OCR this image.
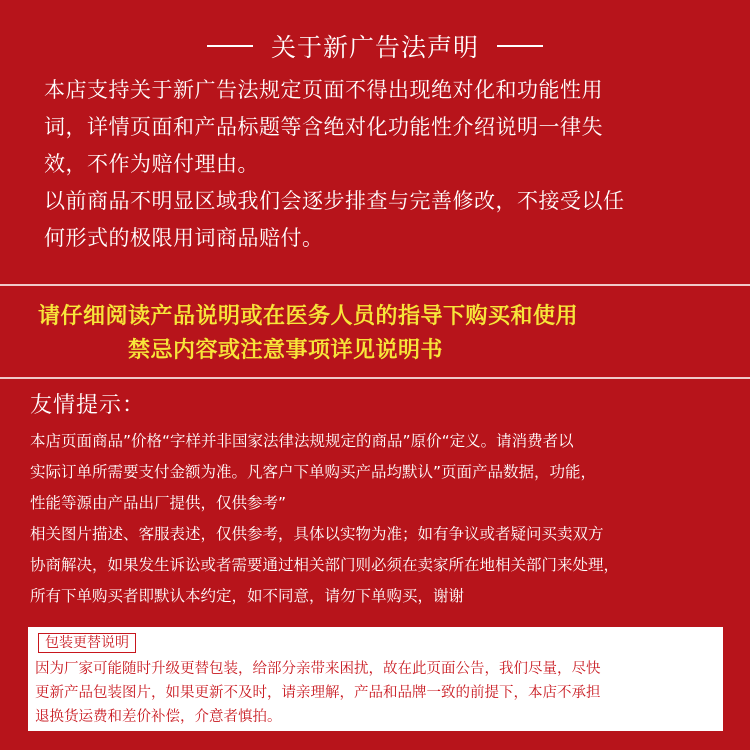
关于新广告法声明

本店支持关于新广告法规定页面不得出现绝对化和功能性用

词，详情页面和产品标题等含绝对化功能性介绍说明一律失

效，不作为赔付理由。

以前商品不明显区域我们会逐步排查与完善修改，不接受以任

何形式的极限用词商品赔付。

请仔细阅读产品说明或在医务人员的指导下购买和使用
禁忌内容或注意事项详见说明书
友情提示：

本店页面商品”价格“字样并非国家法律法规规定的商品”原价“定义。请消费者以

实际订单所需要支付金额为准。凡客户下单购买产品均默认”页面产品数据，功能，

性能等源由产品出厂提供，仅供参考”

相关图片描述、客服表述，仅供参考，具体以实物为准；如有争议或者疑问买卖双方

协商解决，如果发生诉讼或者需要通过相关部门则必须在卖家所在地相关部门来处理，

所有下单购买者即默认本约定，如不同意，请勿下单购买，谢谢

包装更替说明

因为厂家可能随时升级更替包装，给部分亲带来困扰，故在此页面公告，我们尽量，尽快

更新产品包装图片，如果更新不及时，请亲理解，产品和品牌一致的前提下，本店不承担

退换货运费和差价补偿，介意者慎拍。
